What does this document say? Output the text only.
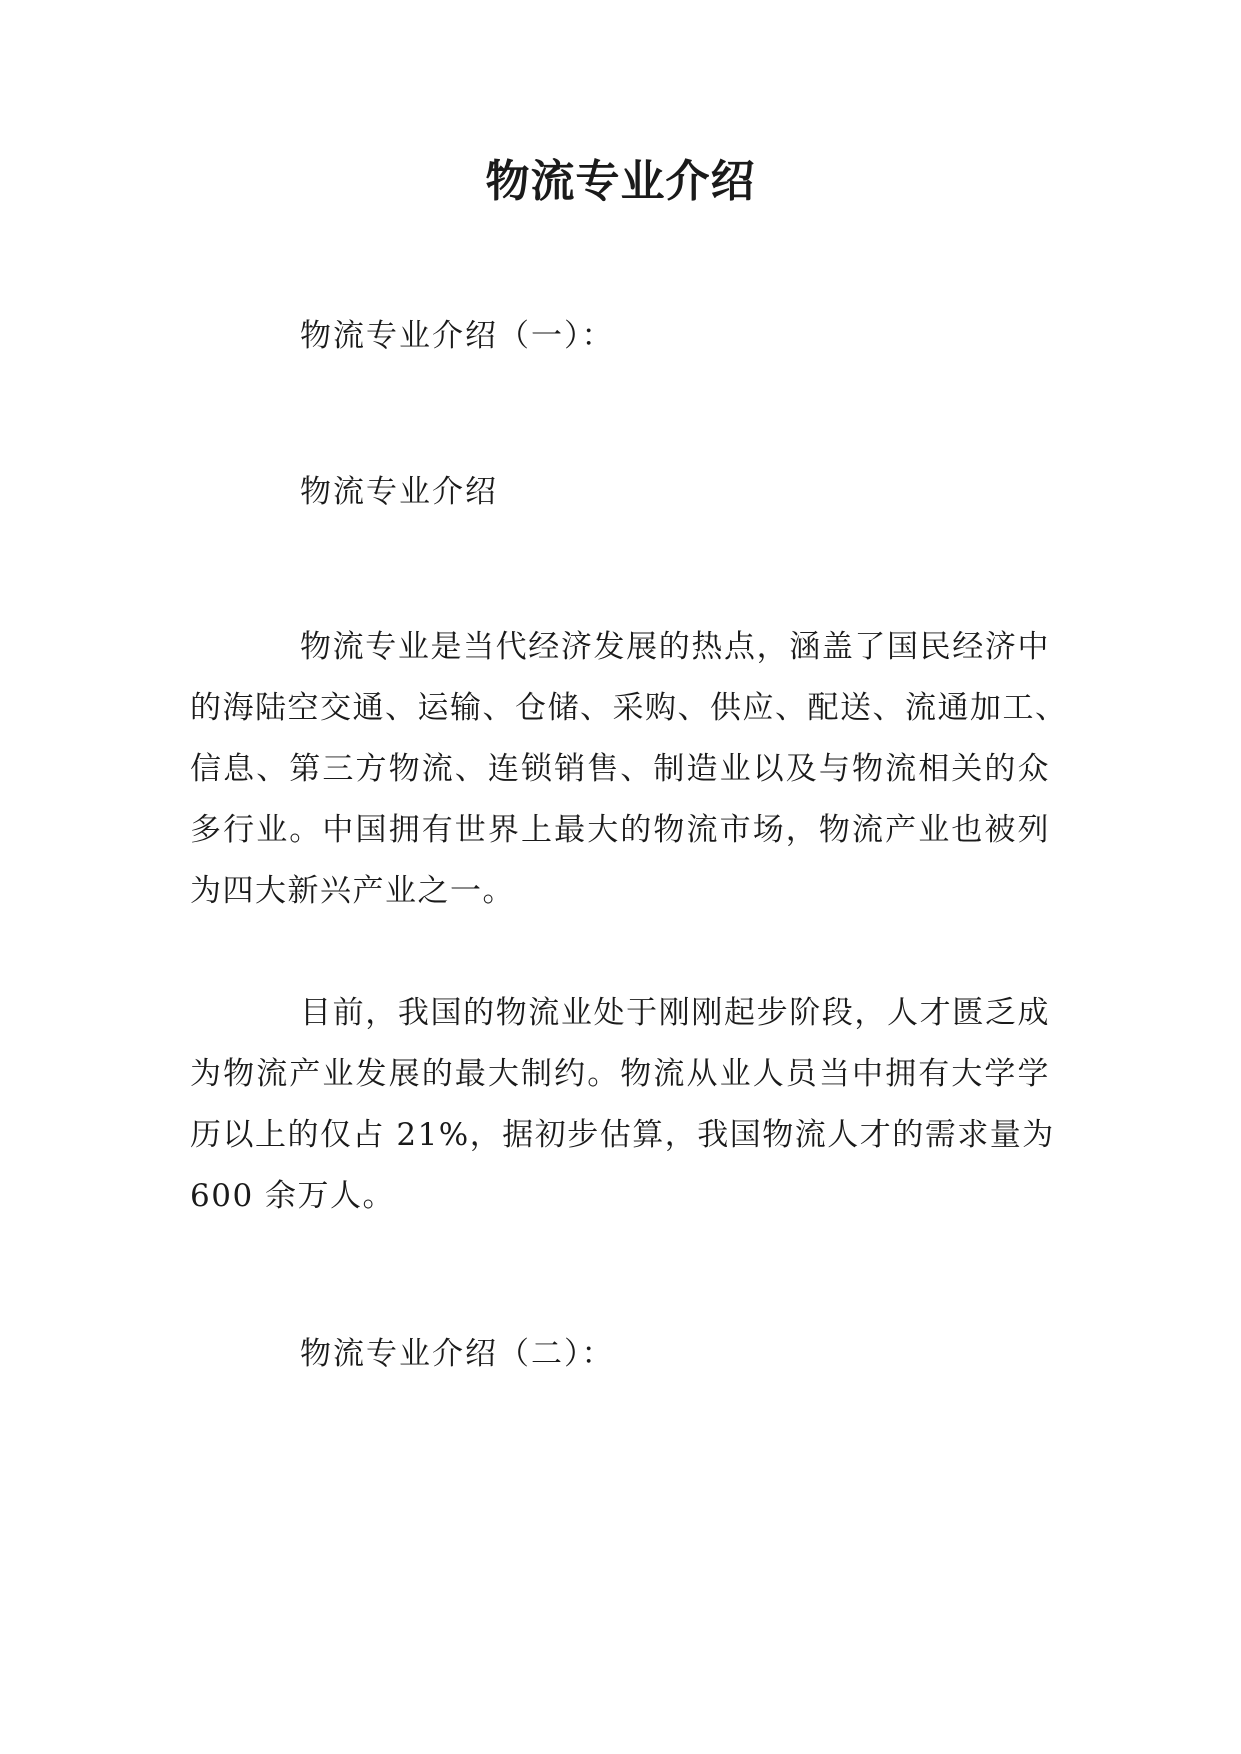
物流专业介绍

物流专业介绍（一）：

物流专业介绍

物流专业是当代经济发展的热点，涵盖了国民经济中
的海陆空交通、运输、仓储、采购、供应、配送、流通加工、
信息、第三方物流、连锁销售、制造业以及与物流相关的众
多行业。中国拥有世界上最大的物流市场，物流产业也被列
为四大新兴产业之一。
目前，我国的物流业处于刚刚起步阶段，人才匮乏成
为物流产业发展的最大制约。物流从业人员当中拥有大学学
历以上的仅占 21%，据初步估算，我国物流人才的需求量为
600 余万人。

物流专业介绍（二）：
